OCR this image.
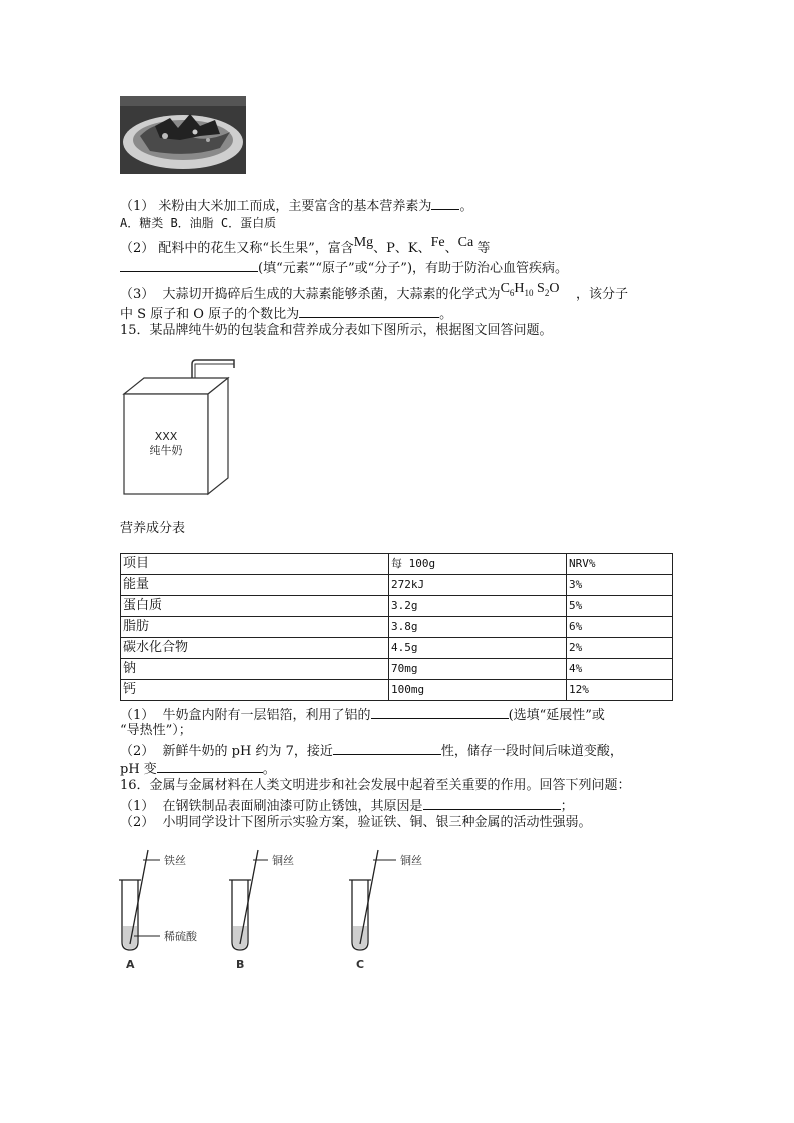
（1） 米粉由大米加工而成，主要富含的基本营养素为 。
A．糖类 B．油脂 C．蛋白质
（2） 配料中的花生又称“长生果”，富含Mg、P、K、Fe、Ca 等
(填“元素”“原子”或“分子”)，有助于防治心血管疾病。
（3） 大蒜切开捣碎后生成的大蒜素能够杀菌，大蒜素的化学式为$C_6H_{10}$ $S_2O$ ，该分子
中 S 原子和 O 原子的个数比为	。
15．某品牌纯牛奶的包装盒和营养成分表如下图所示，根据图文回答问题。
XXX
纯牛奶
营养成分表
项目	每 100g	NRV%
能量	272kJ	3%
蛋白质	3.2g	5%
脂肪	3.8g	6%
碳水化合物	4.5g	2%
钠	70mg	4%
钙	100mg	12%
（1） 牛奶盒内附有一层铝箔，利用了铝的	(选填“延展性”或
“导热性”）；
（2） 新鲜牛奶的 pH 约为 7，接近	性，储存一段时间后味道变酸，
pH 变	。
16．金属与金属材料在人类文明进步和社会发展中起着至关重要的作用。回答下列问题：
（1） 在钢铁制品表面刷油漆可防止锈蚀，其原因是	；
（2） 小明同学设计下图所示实验方案，验证铁、铜、银三种金属的活动性强弱。
铁丝
稀硫酸
A
铜丝
B
铜丝
C
